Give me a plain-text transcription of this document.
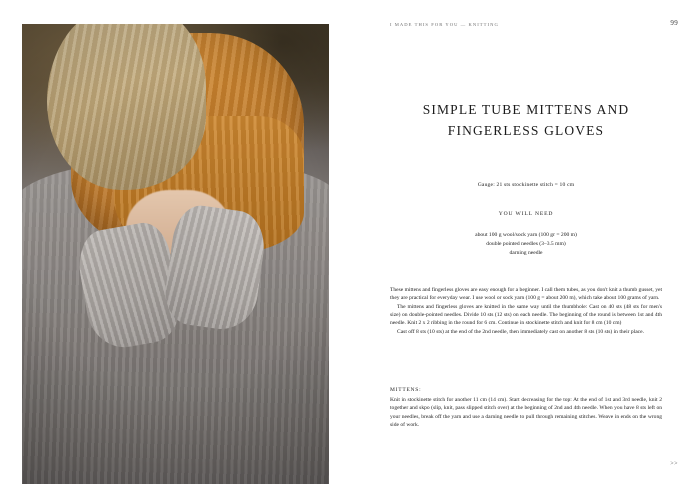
I MADE THIS FOR YOU — KNITTING	99
SIMPLE TUBE MITTENS AND FINGERLESS GLOVES
Gauge: 21 sts stockinette stitch = 10 cm
YOU WILL NEED
about 100 g wool/sock yarn (100 gr = 200 m)
double pointed needles (3–3.5 mm)
darning needle

These mittens and fingerless gloves are easy enough for a beginner. I call them tubes, as you don't knit a thumb gusset, yet they are practical for everyday wear. I use wool or sock yarn (100 g = about 200 m), which take about 100 grams of yarn.

The mittens and fingerless gloves are knitted in the same way until the thumbhole: Cast on 40 sts (48 sts for men's size) on double-pointed needles. Divide 10 sts (12 sts) on each needle. The beginning of the round is between 1st and 4th needle. Knit 2 x 2 ribbing in the round for 6 cm. Continue in stockinette stitch and knit for 8 cm (10 cm)

Cast off 8 sts (10 sts) at the end of the 2nd needle, then immediately cast on another 8 sts (10 sts) in their place.

MITTENS:

Knit in stockinette stitch for another 11 cm (14 cm). Start decreasing for the top: At the end of 1st and 3rd needle, knit 2 together and skpo (slip, knit, pass slipped stitch over) at the beginning of 2nd and 4th needle. When you have 8 sts left on your needles, break off the yarn and use a darning needle to pull through remaining stitches. Weave in ends on the wrong side of work.

>>
